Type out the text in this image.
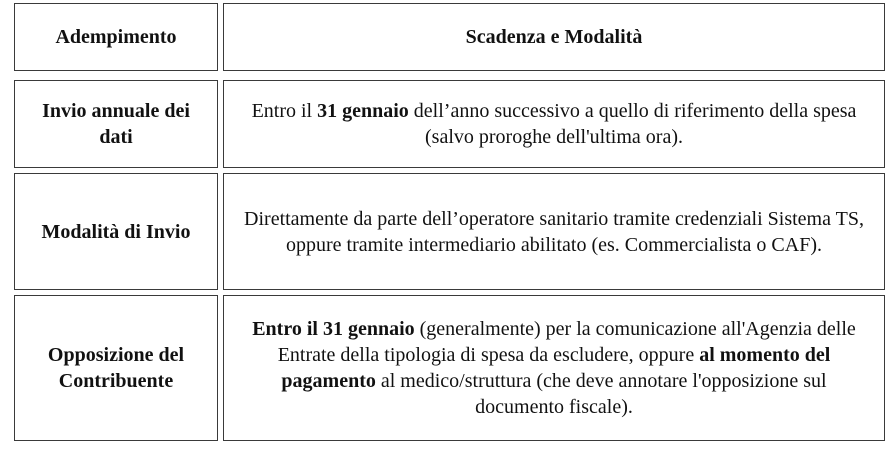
Adempimento	Scadenza e Modalità
Invio annuale dei dati
Entro il 31 gennaio dell’anno successivo a quello di riferimento della spesa (salvo proroghe dell'ultima ora).
Modalità di Invio
Direttamente da parte dell’operatore sanitario tramite credenziali Sistema TS, oppure tramite intermediario abilitato (es. Commercialista o CAF).
Opposizione del Contribuente
Entro il 31 gennaio (generalmente) per la comunicazione all'Agenzia delle Entrate della tipologia di spesa da escludere, oppure al momento del pagamento al medico/struttura (che deve annotare l'opposizione sul documento fiscale).
